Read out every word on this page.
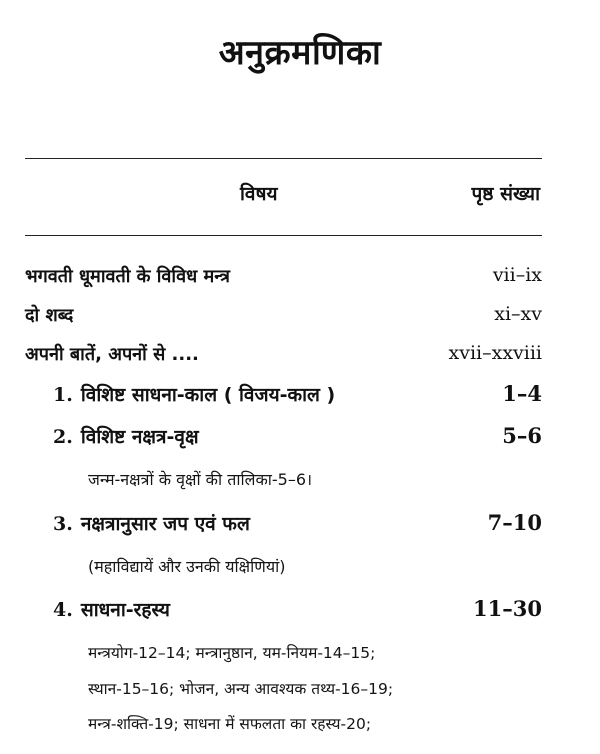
अनुक्रमणिका
विषय	पृष्ठ संख्या
भगवती धूमावती के विविध मन्त्र	vii–ix
दो शब्द	xi–xv
अपनी बातें, अपनों से ....	xvii–xxviii
1. विशिष्ट साधना-काल ( विजय-काल )	1–4
2. विशिष्ट नक्षत्र-वृक्ष	5–6
जन्म-नक्षत्रों के वृक्षों की तालिका-5–6।
3. नक्षत्रानुसार जप एवं फल	7–10
(महाविद्यायें और उनकी यक्षिणियां)
4. साधना-रहस्य	11–30
मन्त्रयोग-12–14; मन्त्रानुष्ठान, यम-नियम-14–15;
स्थान-15–16; भोजन, अन्य आवश्यक तथ्य-16–19;
मन्त्र-शक्ति-19; साधना में सफलता का रहस्य-20;
